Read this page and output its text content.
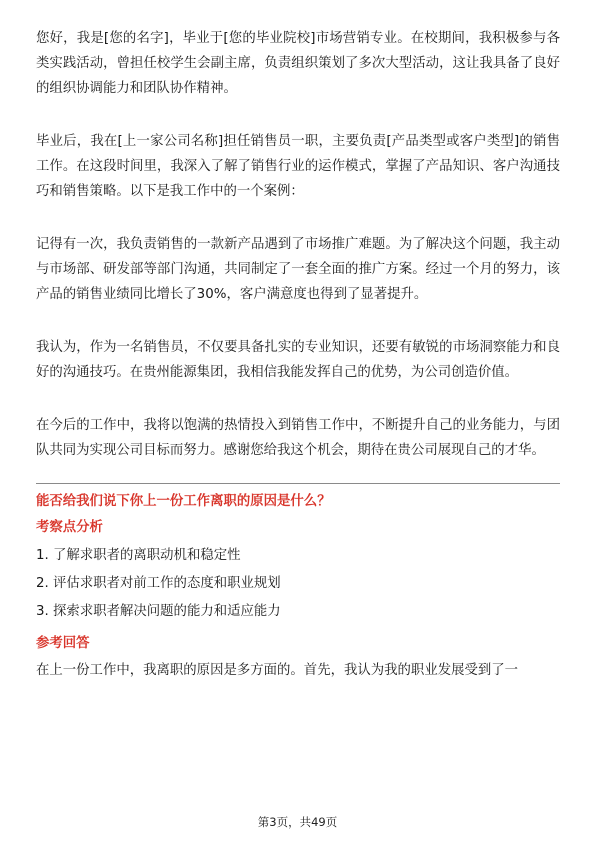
您好，我是[您的名字]，毕业于[您的毕业院校]市场营销专业。在校期间，我积极参与各类实践活动，曾担任校学生会副主席，负责组织策划了多次大型活动，这让我具备了良好的组织协调能力和团队协作精神。

毕业后，我在[上一家公司名称]担任销售员一职，主要负责[产品类型或客户类型]的销售工作。在这段时间里，我深入了解了销售行业的运作模式，掌握了产品知识、客户沟通技巧和销售策略。以下是我工作中的一个案例：

记得有一次，我负责销售的一款新产品遇到了市场推广难题。为了解决这个问题，我主动与市场部、研发部等部门沟通，共同制定了一套全面的推广方案。经过一个月的努力，该产品的销售业绩同比增长了30%，客户满意度也得到了显著提升。

我认为，作为一名销售员，不仅要具备扎实的专业知识，还要有敏锐的市场洞察能力和良好的沟通技巧。在贵州能源集团，我相信我能发挥自己的优势，为公司创造价值。

在今后的工作中，我将以饱满的热情投入到销售工作中，不断提升自己的业务能力，与团队共同为实现公司目标而努力。感谢您给我这个机会，期待在贵公司展现自己的才华。

能否给我们说下你上一份工作离职的原因是什么？
考察点分析
1. 了解求职者的离职动机和稳定性
2. 评估求职者对前工作的态度和职业规划
3. 探索求职者解决问题的能力和适应能力
参考回答

在上一份工作中，我离职的原因是多方面的。首先，我认为我的职业发展受到了一

第3页，共49页
